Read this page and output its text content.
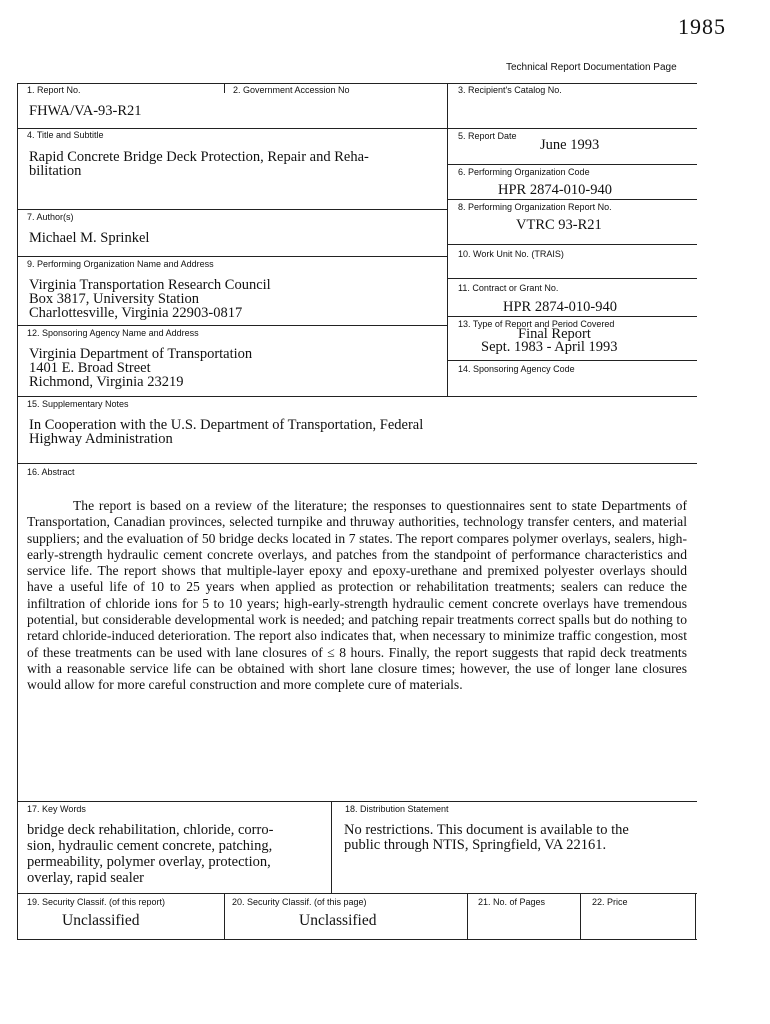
1985
Technical Report Documentation Page
1. Report No.
FHWA/VA-93-R21
2. Government Accession No	3. Recipient's Catalog No.
4. Title and Subtitle
Rapid Concrete Bridge Deck Protection, Repair and Reha-
bilitation
5. Report Date
June 1993
6. Performing Organization Code
HPR 2874-010-940
7. Author(s)
Michael M. Sprinkel
8. Performing Organization Report No.
VTRC 93-R21
9. Performing Organization Name and Address
Virginia Transportation Research Council
Box 3817, University Station
Charlottesville, Virginia 22903-0817
10. Work Unit No. (TRAIS)
11. Contract or Grant No.
HPR 2874-010-940
12. Sponsoring Agency Name and Address
Virginia Department of Transportation
1401 E. Broad Street
Richmond, Virginia 23219
13. Type of Report and Period Covered
Final Report
Sept. 1983 - April 1993
14. Sponsoring Agency Code
15. Supplementary Notes
In Cooperation with the U.S. Department of Transportation, Federal
Highway Administration
16. Abstract

The report is based on a review of the literature; the responses to questionnaires sent to state Departments of Transportation, Canadian provinces, selected turnpike and thruway authorities, technology transfer centers, and material suppliers; and the evaluation of 50 bridge decks located in 7 states. The report compares polymer overlays, sealers, high-early-strength hydraulic cement concrete overlays, and patches from the standpoint of performance characteristics and service life. The report shows that multiple-layer epoxy and epoxy-urethane and premixed polyester overlays should have a useful life of 10 to 25 years when applied as protection or rehabilitation treatments; sealers can reduce the infiltration of chloride ions for 5 to 10 years; high-early-strength hydraulic cement concrete overlays have tremendous potential, but considerable developmental work is needed; and patching repair treatments correct spalls but do nothing to retard chloride-induced deterioration. The report also indicates that, when necessary to minimize traffic congestion, most of these treatments can be used with lane closures of ≤ 8 hours. Finally, the report suggests that rapid deck treatments with a reasonable service life can be obtained with short lane closure times; however, the use of longer lane closures would allow for more careful construction and more complete cure of materials.

17. Key Words
bridge deck rehabilitation, chloride, corro-
sion, hydraulic cement concrete, patching,
permeability, polymer overlay, protection,
overlay, rapid sealer
18. Distribution Statement
No restrictions. This document is available to the
public through NTIS, Springfield, VA 22161.
19. Security Classif. (of this report)
Unclassified
20. Security Classif. (of this page)
Unclassified
21. No. of Pages	22. Price
